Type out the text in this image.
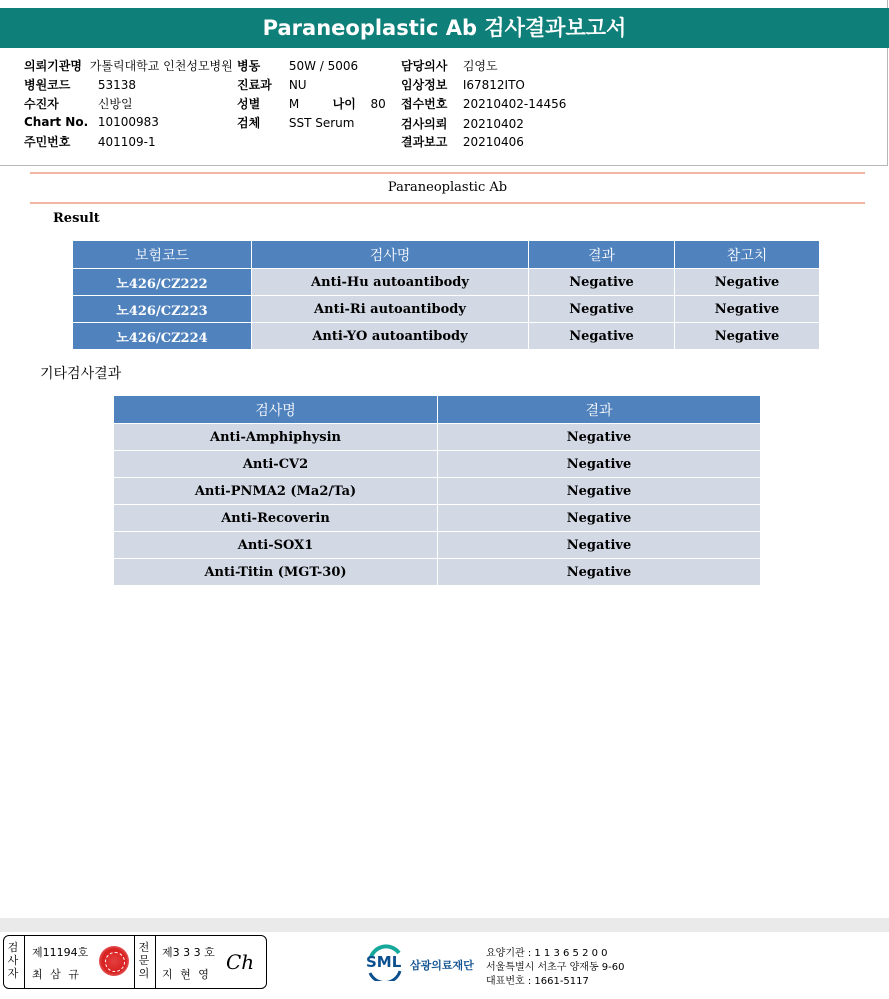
Paraneoplastic Ab 검사결과보고서
의뢰기관명 가톨릭대학교 인천성모병원
병원코드 53138
수진자	신방일
Chart No. 10100983
주민번호 401109-1
병동 50W / 5006
진료과 NU
성별 M	나이 80
검체 SST Serum
담당의사 김영도
임상정보 I67812ITO
접수번호 20210402-14456
검사의뢰 20210402
결과보고 20210406
Paraneoplastic Ab
Result
보험코드	검사명	결과	참고치
노426/CZ222	Anti-Hu autoantibody	Negative	Negative
노426/CZ223	Anti-Ri autoantibody	Negative	Negative
노426/CZ224	Anti-YO autoantibody	Negative	Negative
기타검사결과
검사명	결과
Anti-Amphiphysin	Negative
Anti-CV2	Negative
Anti-PNMA2 (Ma2/Ta)	Negative
Anti-Recoverin	Negative
Anti-SOX1	Negative
Anti-Titin (MGT-30)	Negative
검사자
제11194호
최 삼 규
전문의
제3 3 3 호
지 현 영
Ch	SML 삼광의료재단
요양기관 : 1 1 3 6 5 2 0 0
서울특별시 서초구 양재동 9-60
대표번호 : 1661-5117
